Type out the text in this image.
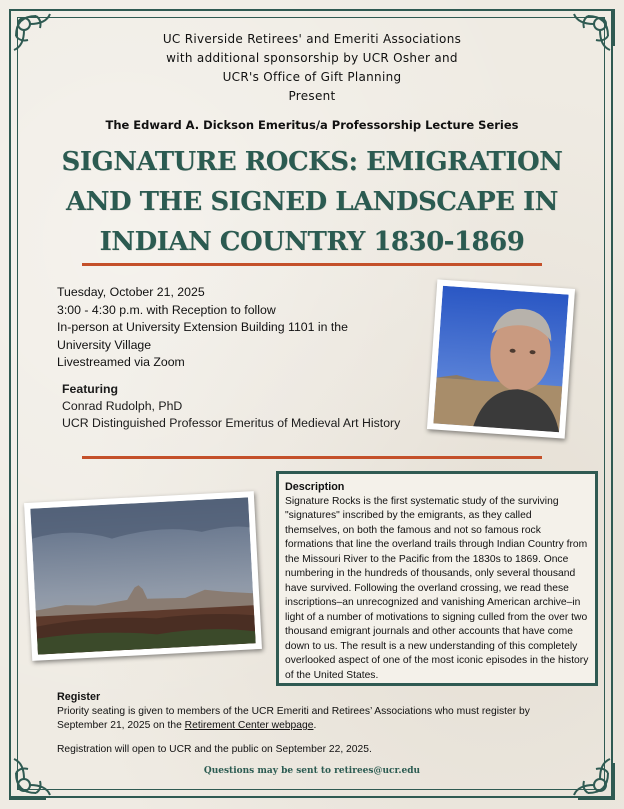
UC Riverside Retirees' and Emeriti Associations
with additional sponsorship by UCR Osher and
UCR's Office of Gift Planning
Present
The Edward A. Dickson Emeritus/a Professorship Lecture Series
SIGNATURE ROCKS: EMIGRATION
AND THE SIGNED LANDSCAPE IN
INDIAN COUNTRY 1830-1869
Tuesday, October 21, 2025
3:00 - 4:30 p.m. with Reception to follow
In-person at University Extension Building 1101 in the
University Village
Livestreamed via Zoom
Featuring
Conrad Rudolph, PhD
UCR Distinguished Professor Emeritus of Medieval Art History
Description
Signature Rocks is the first systematic study of the surviving "signatures" inscribed by the emigrants, as they called themselves, on both the famous and not so famous rock formations that line the overland trails through Indian Country from the Missouri River to the Pacific from the 1830s to 1869. Once numbering in the hundreds of thousands, only several thousand have survived. Following the overland crossing, we read these inscriptions–an unrecognized and vanishing American archive–in light of a number of motivations to signing culled from the over two thousand emigrant journals and other accounts that have come down to us. The result is a new understanding of this completely overlooked aspect of one of the most iconic episodes in the history of the United States.
Register

Priority seating is given to members of the UCR Emeriti and Retirees’ Associations who must register by September 21, 2025 on the Retirement Center webpage.

Registration will open to UCR and the public on September 22, 2025.

Questions may be sent to retirees@ucr.edu
